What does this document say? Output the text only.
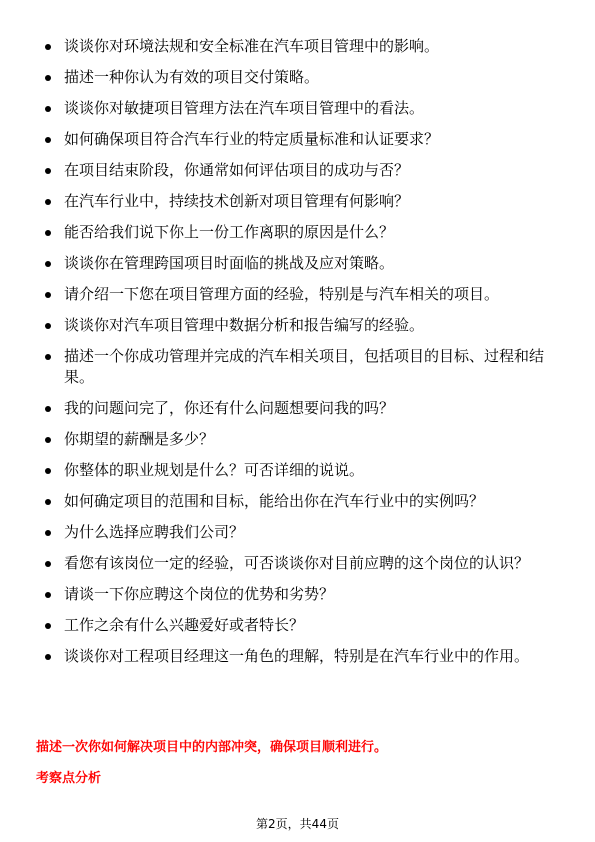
谈谈你对环境法规和安全标准在汽车项目管理中的影响。
描述一种你认为有效的项目交付策略。
谈谈你对敏捷项目管理方法在汽车项目管理中的看法。
如何确保项目符合汽车行业的特定质量标准和认证要求？
在项目结束阶段，你通常如何评估项目的成功与否？
在汽车行业中，持续技术创新对项目管理有何影响？
能否给我们说下你上一份工作离职的原因是什么？
谈谈你在管理跨国项目时面临的挑战及应对策略。
请介绍一下您在项目管理方面的经验，特别是与汽车相关的项目。
谈谈你对汽车项目管理中数据分析和报告编写的经验。
描述一个你成功管理并完成的汽车相关项目，包括项目的目标、过程和结果。
我的问题问完了，你还有什么问题想要问我的吗？
你期望的薪酬是多少？
你整体的职业规划是什么？可否详细的说说。
如何确定项目的范围和目标，能给出你在汽车行业中的实例吗？
为什么选择应聘我们公司？
看您有该岗位一定的经验，可否谈谈你对目前应聘的这个岗位的认识？
请谈一下你应聘这个岗位的优势和劣势？
工作之余有什么兴趣爱好或者特长？
谈谈你对工程项目经理这一角色的理解，特别是在汽车行业中的作用。
描述一次你如何解决项目中的内部冲突，确保项目顺利进行。
考察点分析
第2页，共44页
